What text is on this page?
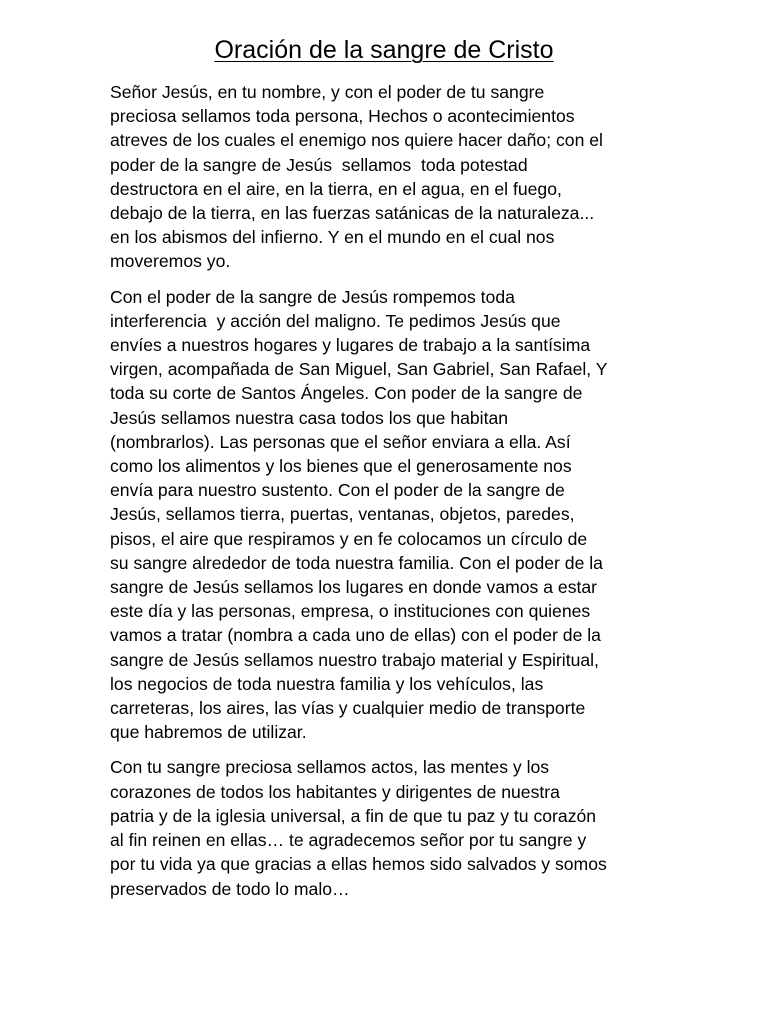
Oración de la sangre de Cristo

Señor Jesús, en tu nombre, y con el poder de tu sangre
preciosa sellamos toda persona, Hechos o acontecimientos
atreves de los cuales el enemigo nos quiere hacer daño; con el
poder de la sangre de Jesús  sellamos  toda potestad
destructora en el aire, en la tierra, en el agua, en el fuego,
debajo de la tierra, en las fuerzas satánicas de la naturaleza...
en los abismos del infierno. Y en el mundo en el cual nos
moveremos yo.

Con el poder de la sangre de Jesús rompemos toda
interferencia  y acción del maligno. Te pedimos Jesús que
envíes a nuestros hogares y lugares de trabajo a la santísima
virgen, acompañada de San Miguel, San Gabriel, San Rafael, Y
toda su corte de Santos Ángeles. Con poder de la sangre de
Jesús sellamos nuestra casa todos los que habitan
(nombrarlos). Las personas que el señor enviara a ella. Así
como los alimentos y los bienes que el generosamente nos
envía para nuestro sustento. Con el poder de la sangre de
Jesús, sellamos tierra, puertas, ventanas, objetos, paredes,
pisos, el aire que respiramos y en fe colocamos un círculo de
su sangre alrededor de toda nuestra familia. Con el poder de la
sangre de Jesús sellamos los lugares en donde vamos a estar
este día y las personas, empresa, o instituciones con quienes
vamos a tratar (nombra a cada uno de ellas) con el poder de la
sangre de Jesús sellamos nuestro trabajo material y Espiritual,
los negocios de toda nuestra familia y los vehículos, las
carreteras, los aires, las vías y cualquier medio de transporte
que habremos de utilizar.

Con tu sangre preciosa sellamos actos, las mentes y los
corazones de todos los habitantes y dirigentes de nuestra
patria y de la iglesia universal, a fin de que tu paz y tu corazón
al fin reinen en ellas… te agradecemos señor por tu sangre y
por tu vida ya que gracias a ellas hemos sido salvados y somos
preservados de todo lo malo…
